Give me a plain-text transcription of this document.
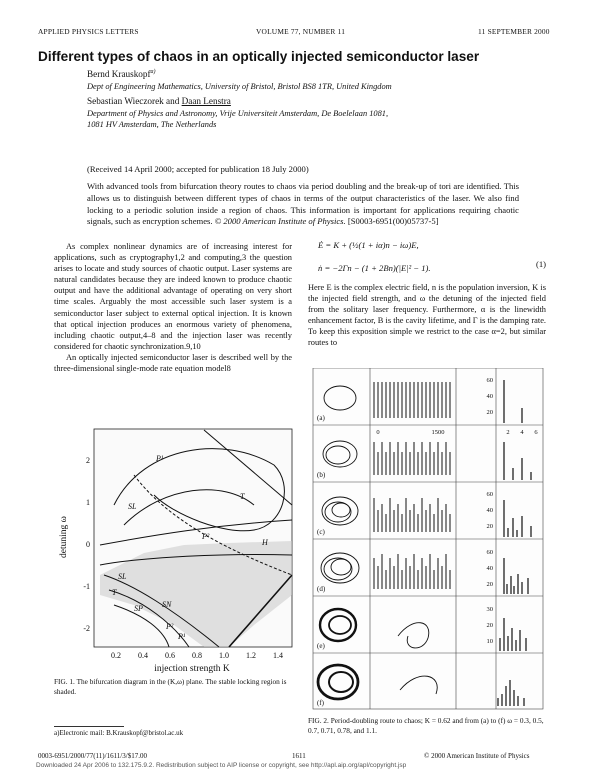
APPLIED PHYSICS LETTERS	VOLUME 77, NUMBER 11	11 SEPTEMBER 2000
Different types of chaos in an optically injected semiconductor laser
Bernd Krauskopf$^{a)}$
Dept of Engineering Mathematics, University of Bristol, Bristol BS8 1TR, United Kingdom
Sebastian Wieczorek and Daan Lenstra
Department of Physics and Astronomy, Vrije Universiteit Amsterdam, De Boelelaan 1081,
1081 HV Amsterdam, The Netherlands
(Received 14 April 2000; accepted for publication 18 July 2000)
With advanced tools from bifurcation theory routes to chaos via period doubling and the break-up of tori are identified. This allows us to distinguish between different types of chaos in terms of the output characteristics of the laser. We also find locking to a periodic solution inside a region of chaos. This information is important for applications requiring chaotic signals, such as encryption schemes. © 2000 American Institute of Physics. [S0003-6951(00)05737-5]

As complex nonlinear dynamics are of increasing interest for applications, such as cryptography1,2 and computing,3 the question arises to locate and study sources of chaotic output. Laser systems are natural candidates because they are indeed known to produce chaotic output and have the additional advantage of operating on very short time scales. Arguably the most accessible such laser system is a semiconductor laser subject to external optical injection. It is known that optical injection produces an enormous variety of phenomena, including chaotic output,4–8 and the injection laser was recently considered for chaotic synchronization.9,10

An optically injected semiconductor laser is described well by the three-dimensional single-mode rate equation model8

P¹
SL
T
P²
H
SL
SP SN
P²
T
P¹
2
1
0
-1
-2
0.2 0.4 0.6 0.8 1.0 1.2 1.4
injection strength K
detuning ω
FIG. 1. The bifurcation diagram in the (K,ω) plane. The stable locking region is shaded.
a)Electronic mail: B.Krauskopf@bristol.ac.uk
Ė = K + (½(1 + iα)n − iω)E,
ṅ = −2Γn − (1 + 2Bn)(|E|² − 1).	(1)

Here E is the complex electric field, n is the population inversion, K is the injected field strength, and ω the detuning of the injected field from the solitary laser frequency. Furthermore, α is the linewidth enhancement factor, B is the cavity lifetime, and Γ is the damping rate. To keep this exposition simple we restrict to the case α=2, but similar routes to

(a)
(b)
(c)
(d)
(e)
(f)
60
40
20
60
40
20
60
40
20
30
20
10
0	1500	2 4 6
FIG. 2. Period-doubling route to chaos; K = 0.62 and from (a) to (f) ω = 0.3, 0.5, 0.7, 0.71, 0.78, and 1.1.
0003-6951/2000/77(11)/1611/3/$17.00	1611	© 2000 American Institute of Physics
Downloaded 24 Apr 2006 to 132.175.9.2. Redistribution subject to AIP license or copyright, see http://apl.aip.org/apl/copyright.jsp
